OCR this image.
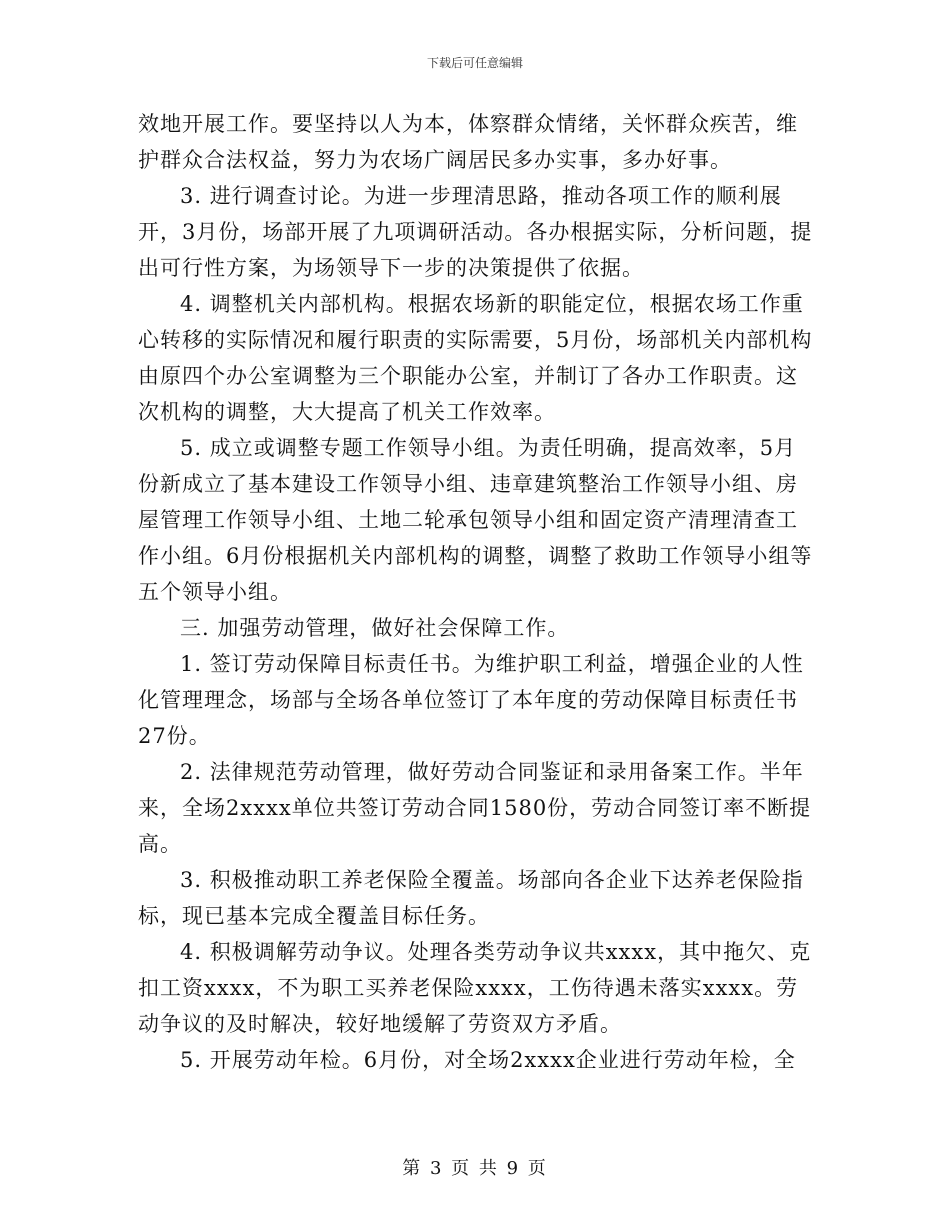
下载后可任意编辑

效地开展工作。要坚持以人为本，体察群众情绪，关怀群众疾苦，维护群众合法权益，努力为农场广阔居民多办实事，多办好事。

3. 进行调查讨论。为进一步理清思路，推动各项工作的顺利展开，3月份，场部开展了九项调研活动。各办根据实际，分析问题，提出可行性方案，为场领导下一步的决策提供了依据。

4. 调整机关内部机构。根据农场新的职能定位，根据农场工作重心转移的实际情况和履行职责的实际需要，5月份，场部机关内部机构由原四个办公室调整为三个职能办公室，并制订了各办工作职责。这次机构的调整，大大提高了机关工作效率。

5. 成立或调整专题工作领导小组。为责任明确，提高效率，5月份新成立了基本建设工作领导小组、违章建筑整治工作领导小组、房屋管理工作领导小组、土地二轮承包领导小组和固定资产清理清查工作小组。6月份根据机关内部机构的调整，调整了救助工作领导小组等五个领导小组。

三. 加强劳动管理，做好社会保障工作。

1. 签订劳动保障目标责任书。为维护职工利益，增强企业的人性化管理理念，场部与全场各单位签订了本年度的劳动保障目标责任书27份。

2. 法律规范劳动管理，做好劳动合同鉴证和录用备案工作。半年来，全场2xxxx单位共签订劳动合同1580份，劳动合同签订率不断提高。

3. 积极推动职工养老保险全覆盖。场部向各企业下达养老保险指标，现已基本完成全覆盖目标任务。

4. 积极调解劳动争议。处理各类劳动争议共xxxx，其中拖欠、克扣工资xxxx，不为职工买养老保险xxxx，工伤待遇未落实xxxx。劳动争议的及时解决，较好地缓解了劳资双方矛盾。

5. 开展劳动年检。6月份，对全场2xxxx企业进行劳动年检，全

第 3 页 共 9 页
